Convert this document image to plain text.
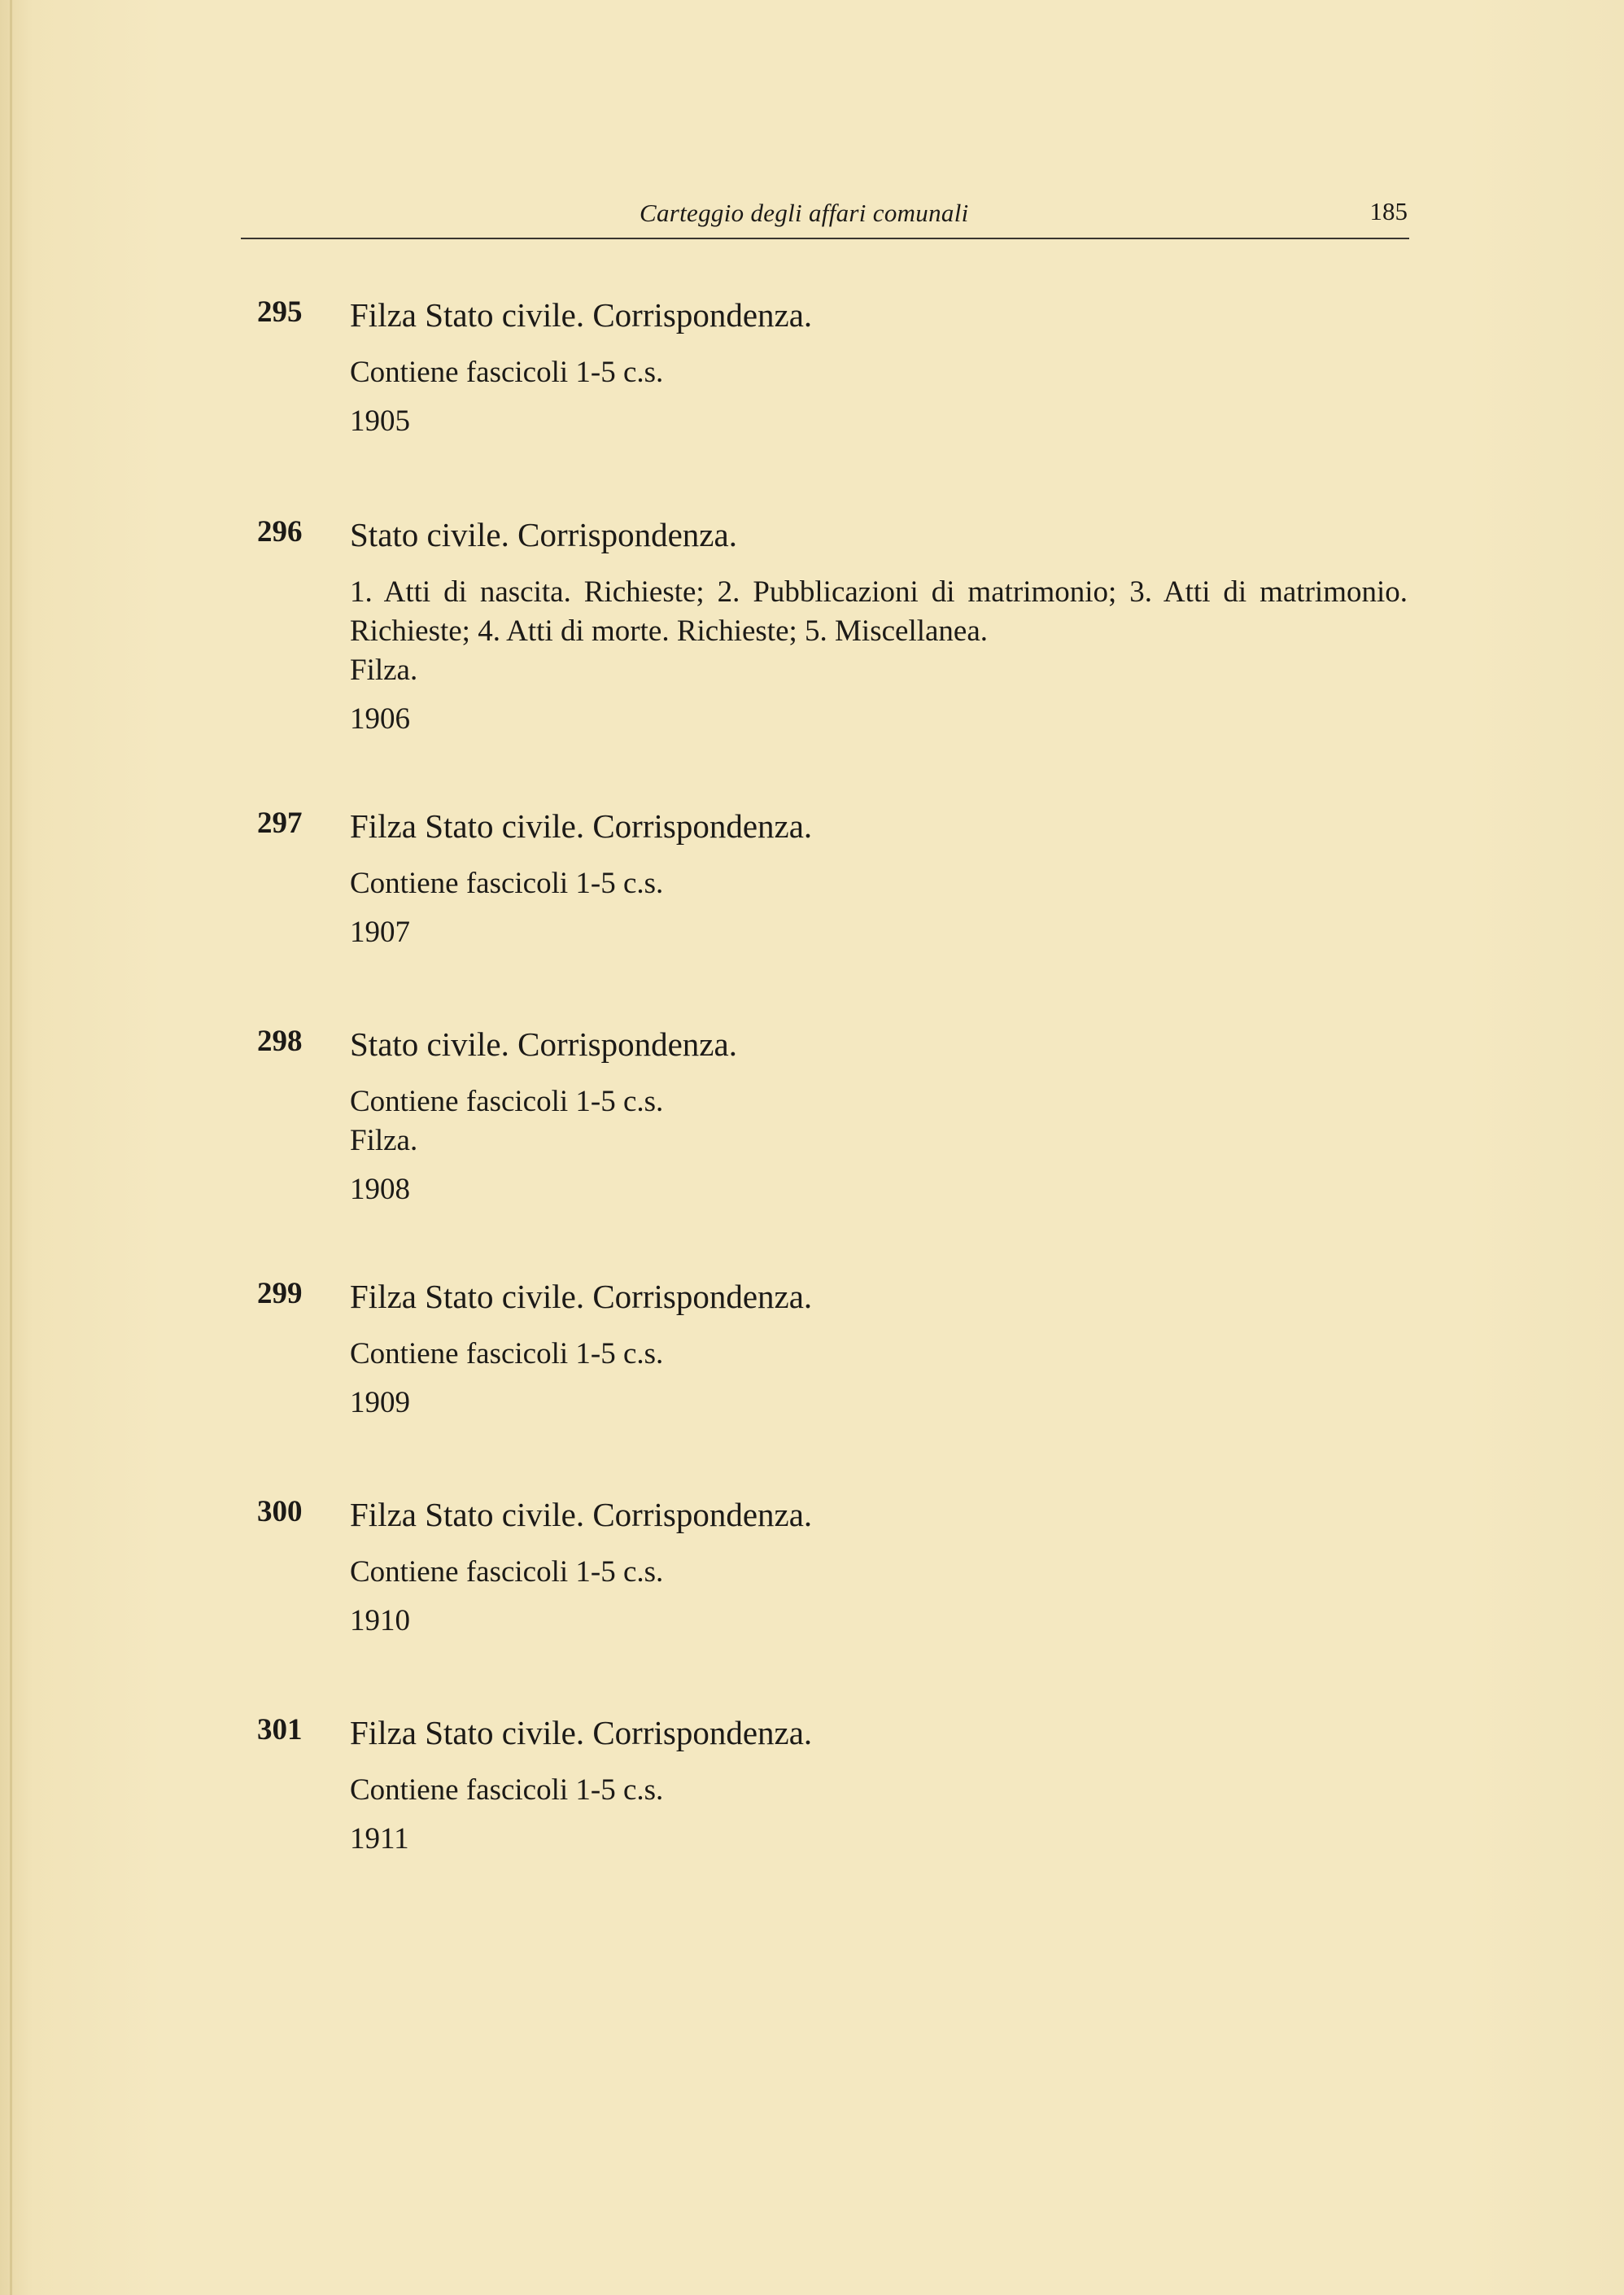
Carteggio degli affari comunali	185
295	Filza Stato civile. Corrispondenza.

Contiene fascicoli 1-5 c.s.

1905

296	Stato civile. Corrispondenza.

1. Atti di nascita. Richieste; 2. Pubblicazioni di matrimonio; 3. Atti di matrimonio. Richieste; 4. Atti di morte. Richieste; 5. Miscellanea.
Filza.

1906

297	Filza Stato civile. Corrispondenza.

Contiene fascicoli 1-5 c.s.

1907

298	Stato civile. Corrispondenza.

Contiene fascicoli 1-5 c.s.
Filza.

1908

299	Filza Stato civile. Corrispondenza.

Contiene fascicoli 1-5 c.s.

1909

300	Filza Stato civile. Corrispondenza.

Contiene fascicoli 1-5 c.s.

1910

301	Filza Stato civile. Corrispondenza.

Contiene fascicoli 1-5 c.s.

1911
